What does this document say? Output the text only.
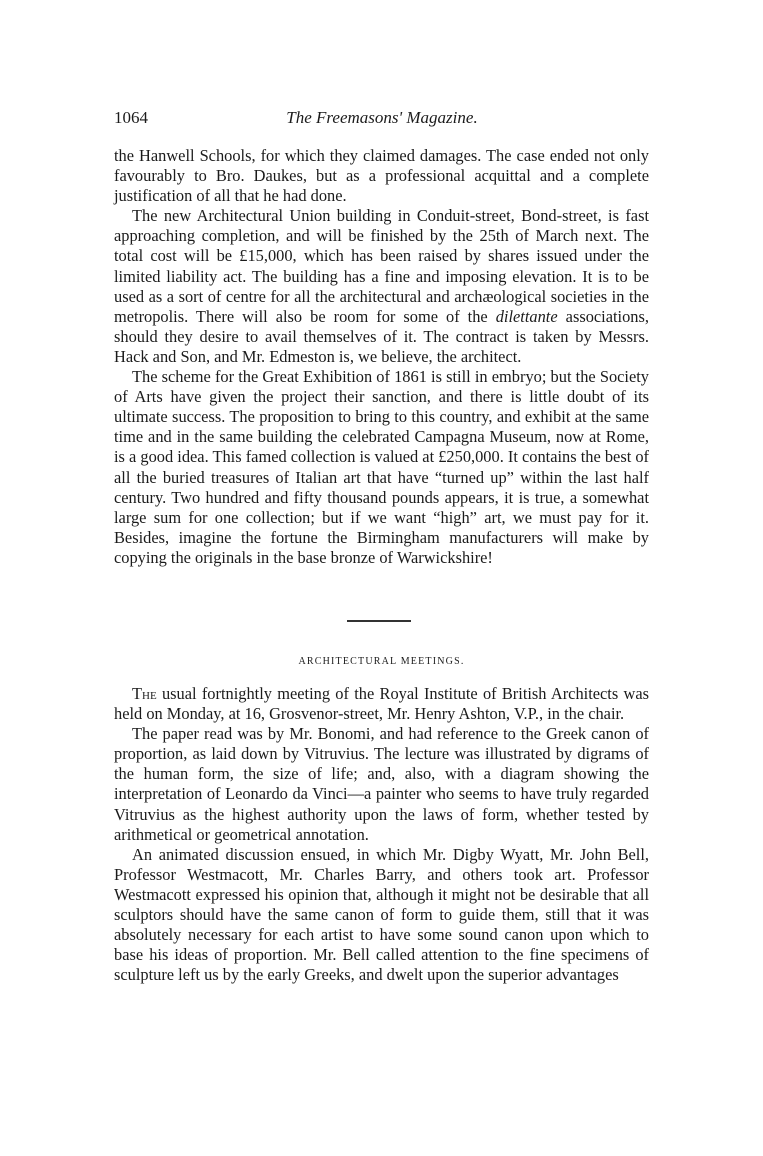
1064	The Freemasons' Magazine.

the Hanwell Schools, for which they claimed damages. The case ended not only favourably to Bro. Daukes, but as a professional acquittal and a complete justification of all that he had done.

The new Architectural Union building in Conduit-street, Bond-street, is fast approaching completion, and will be finished by the 25th of March next. The total cost will be £15,000, which has been raised by shares issued under the limited liability act. The building has a fine and imposing elevation. It is to be used as a sort of centre for all the architectural and archæological societies in the metropolis. There will also be room for some of the dilettante associations, should they desire to avail themselves of it. The contract is taken by Messrs. Hack and Son, and Mr. Edmeston is, we believe, the architect.

The scheme for the Great Exhibition of 1861 is still in embryo; but the Society of Arts have given the project their sanction, and there is little doubt of its ultimate success. The proposition to bring to this country, and exhibit at the same time and in the same building the celebrated Campagna Museum, now at Rome, is a good idea. This famed collection is valued at £250,000. It contains the best of all the buried treasures of Italian art that have “turned up” within the last half century. Two hundred and fifty thousand pounds appears, it is true, a somewhat large sum for one collection; but if we want “high” art, we must pay for it. Besides, imagine the fortune the Birmingham manufacturers will make by copying the originals in the base bronze of Warwickshire!

ARCHITECTURAL MEETINGS.

The usual fortnightly meeting of the Royal Institute of British Architects was held on Monday, at 16, Grosvenor-street, Mr. Henry Ashton, V.P., in the chair.

The paper read was by Mr. Bonomi, and had reference to the Greek canon of proportion, as laid down by Vitruvius. The lecture was illustrated by digrams of the human form, the size of life; and, also, with a diagram showing the interpretation of Leonardo da Vinci—a painter who seems to have truly regarded Vitruvius as the highest authority upon the laws of form, whether tested by arithmetical or geometrical annotation.

An animated discussion ensued, in which Mr. Digby Wyatt, Mr. John Bell, Professor Westmacott, Mr. Charles Barry, and others took art. Professor Westmacott expressed his opinion that, although it might not be desirable that all sculptors should have the same canon of form to guide them, still that it was absolutely necessary for each artist to have some sound canon upon which to base his ideas of proportion. Mr. Bell called attention to the fine specimens of sculpture left us by the early Greeks, and dwelt upon the superior advantages
